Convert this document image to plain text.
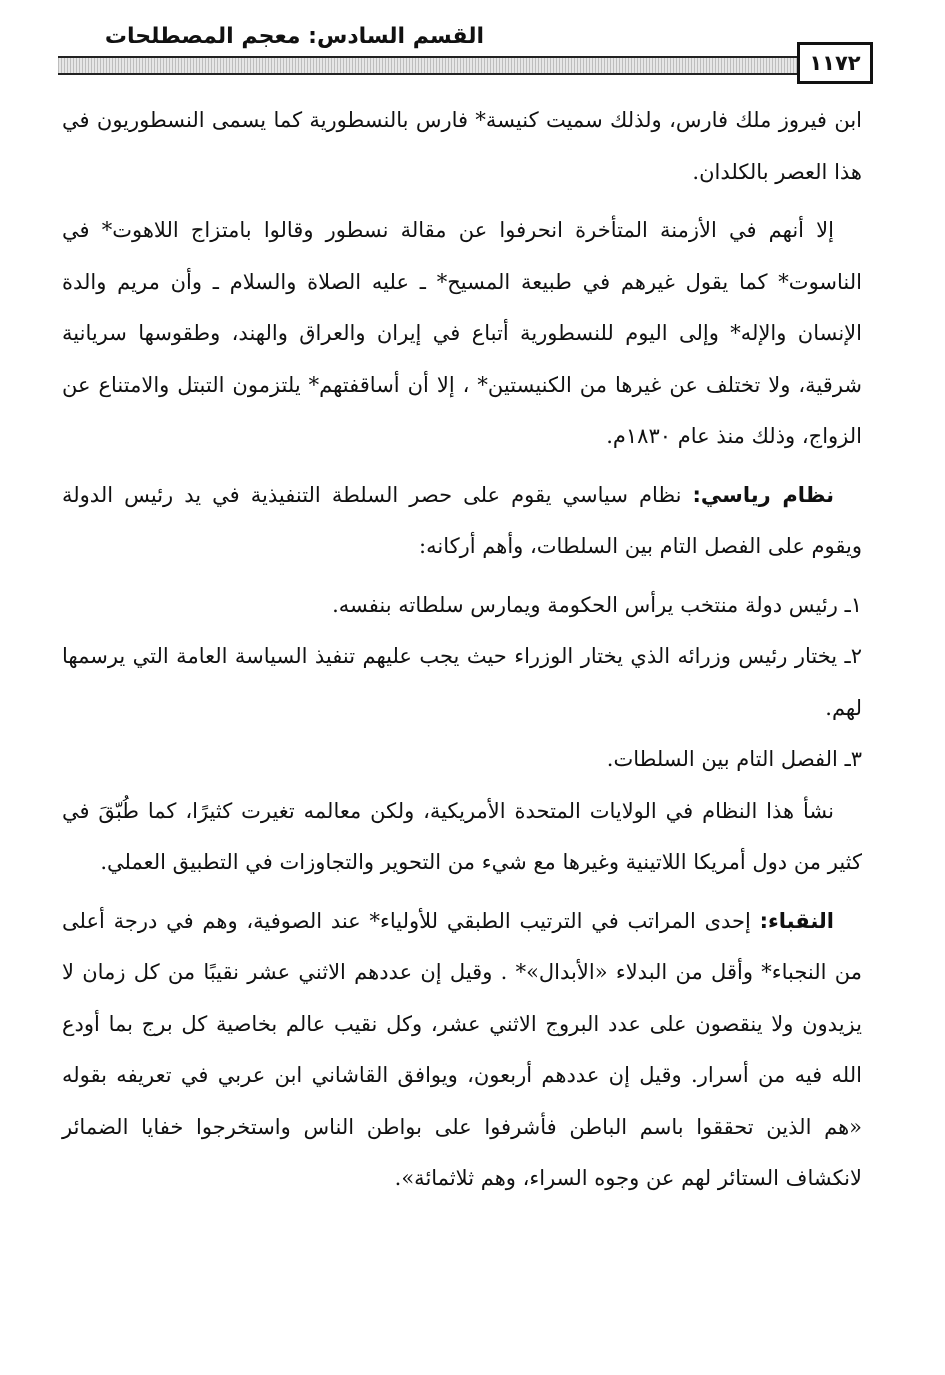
القسم السادس: معجم المصطلحات
١١٧٢

ابن فيروز ملك فارس، ولذلك سميت كنيسة* فارس بالنسطورية كما يسمى النسطوريون في هذا العصر بالكلدان.

إلا أنهم في الأزمنة المتأخرة انحرفوا عن مقالة نسطور وقالوا بامتزاج اللاهوت* في الناسوت* كما يقول غيرهم في طبيعة المسيح* ـ عليه الصلاة والسلام ـ وأن مريم والدة الإنسان والإله* وإلى اليوم للنسطورية أتباع في إيران والعراق والهند، وطقوسها سريانية شرقية، ولا تختلف عن غيرها من الكنيستين* ، إلا أن أساقفتهم* يلتزمون التبتل والامتناع عن الزواج، وذلك منذ عام ١٨٣٠م.

نظام رياسي: نظام سياسي يقوم على حصر السلطة التنفيذية في يد رئيس الدولة ويقوم على الفصل التام بين السلطات، وأهم أركانه:

١ـ رئيس دولة منتخب يرأس الحكومة ويمارس سلطاته بنفسه.

٢ـ يختار رئيس وزرائه الذي يختار الوزراء حيث يجب عليهم تنفيذ السياسة العامة التي يرسمها لهم.

٣ـ الفصل التام بين السلطات.

نشأ هذا النظام في الولايات المتحدة الأمريكية، ولكن معالمه تغيرت كثيرًا، كما طُبّقَ في كثير من دول أمريكا اللاتينية وغيرها مع شيء من التحوير والتجاوزات في التطبيق العملي.

النقباء: إحدى المراتب في الترتيب الطبقي للأولياء* عند الصوفية، وهم في درجة أعلى من النجباء* وأقل من البدلاء «الأبدال»* . وقيل إن عددهم الاثني عشر نقيبًا من كل زمان لا يزيدون ولا ينقصون على عدد البروج الاثني عشر، وكل نقيب عالم بخاصية كل برج بما أودع الله فيه من أسرار. وقيل إن عددهم أربعون، ويوافق القاشاني ابن عربي في تعريفه بقوله «هم الذين تحققوا باسم الباطن فأشرفوا على بواطن الناس واستخرجوا خفايا الضمائر لانكشاف الستائر لهم عن وجوه السراء، وهم ثلاثمائة».
